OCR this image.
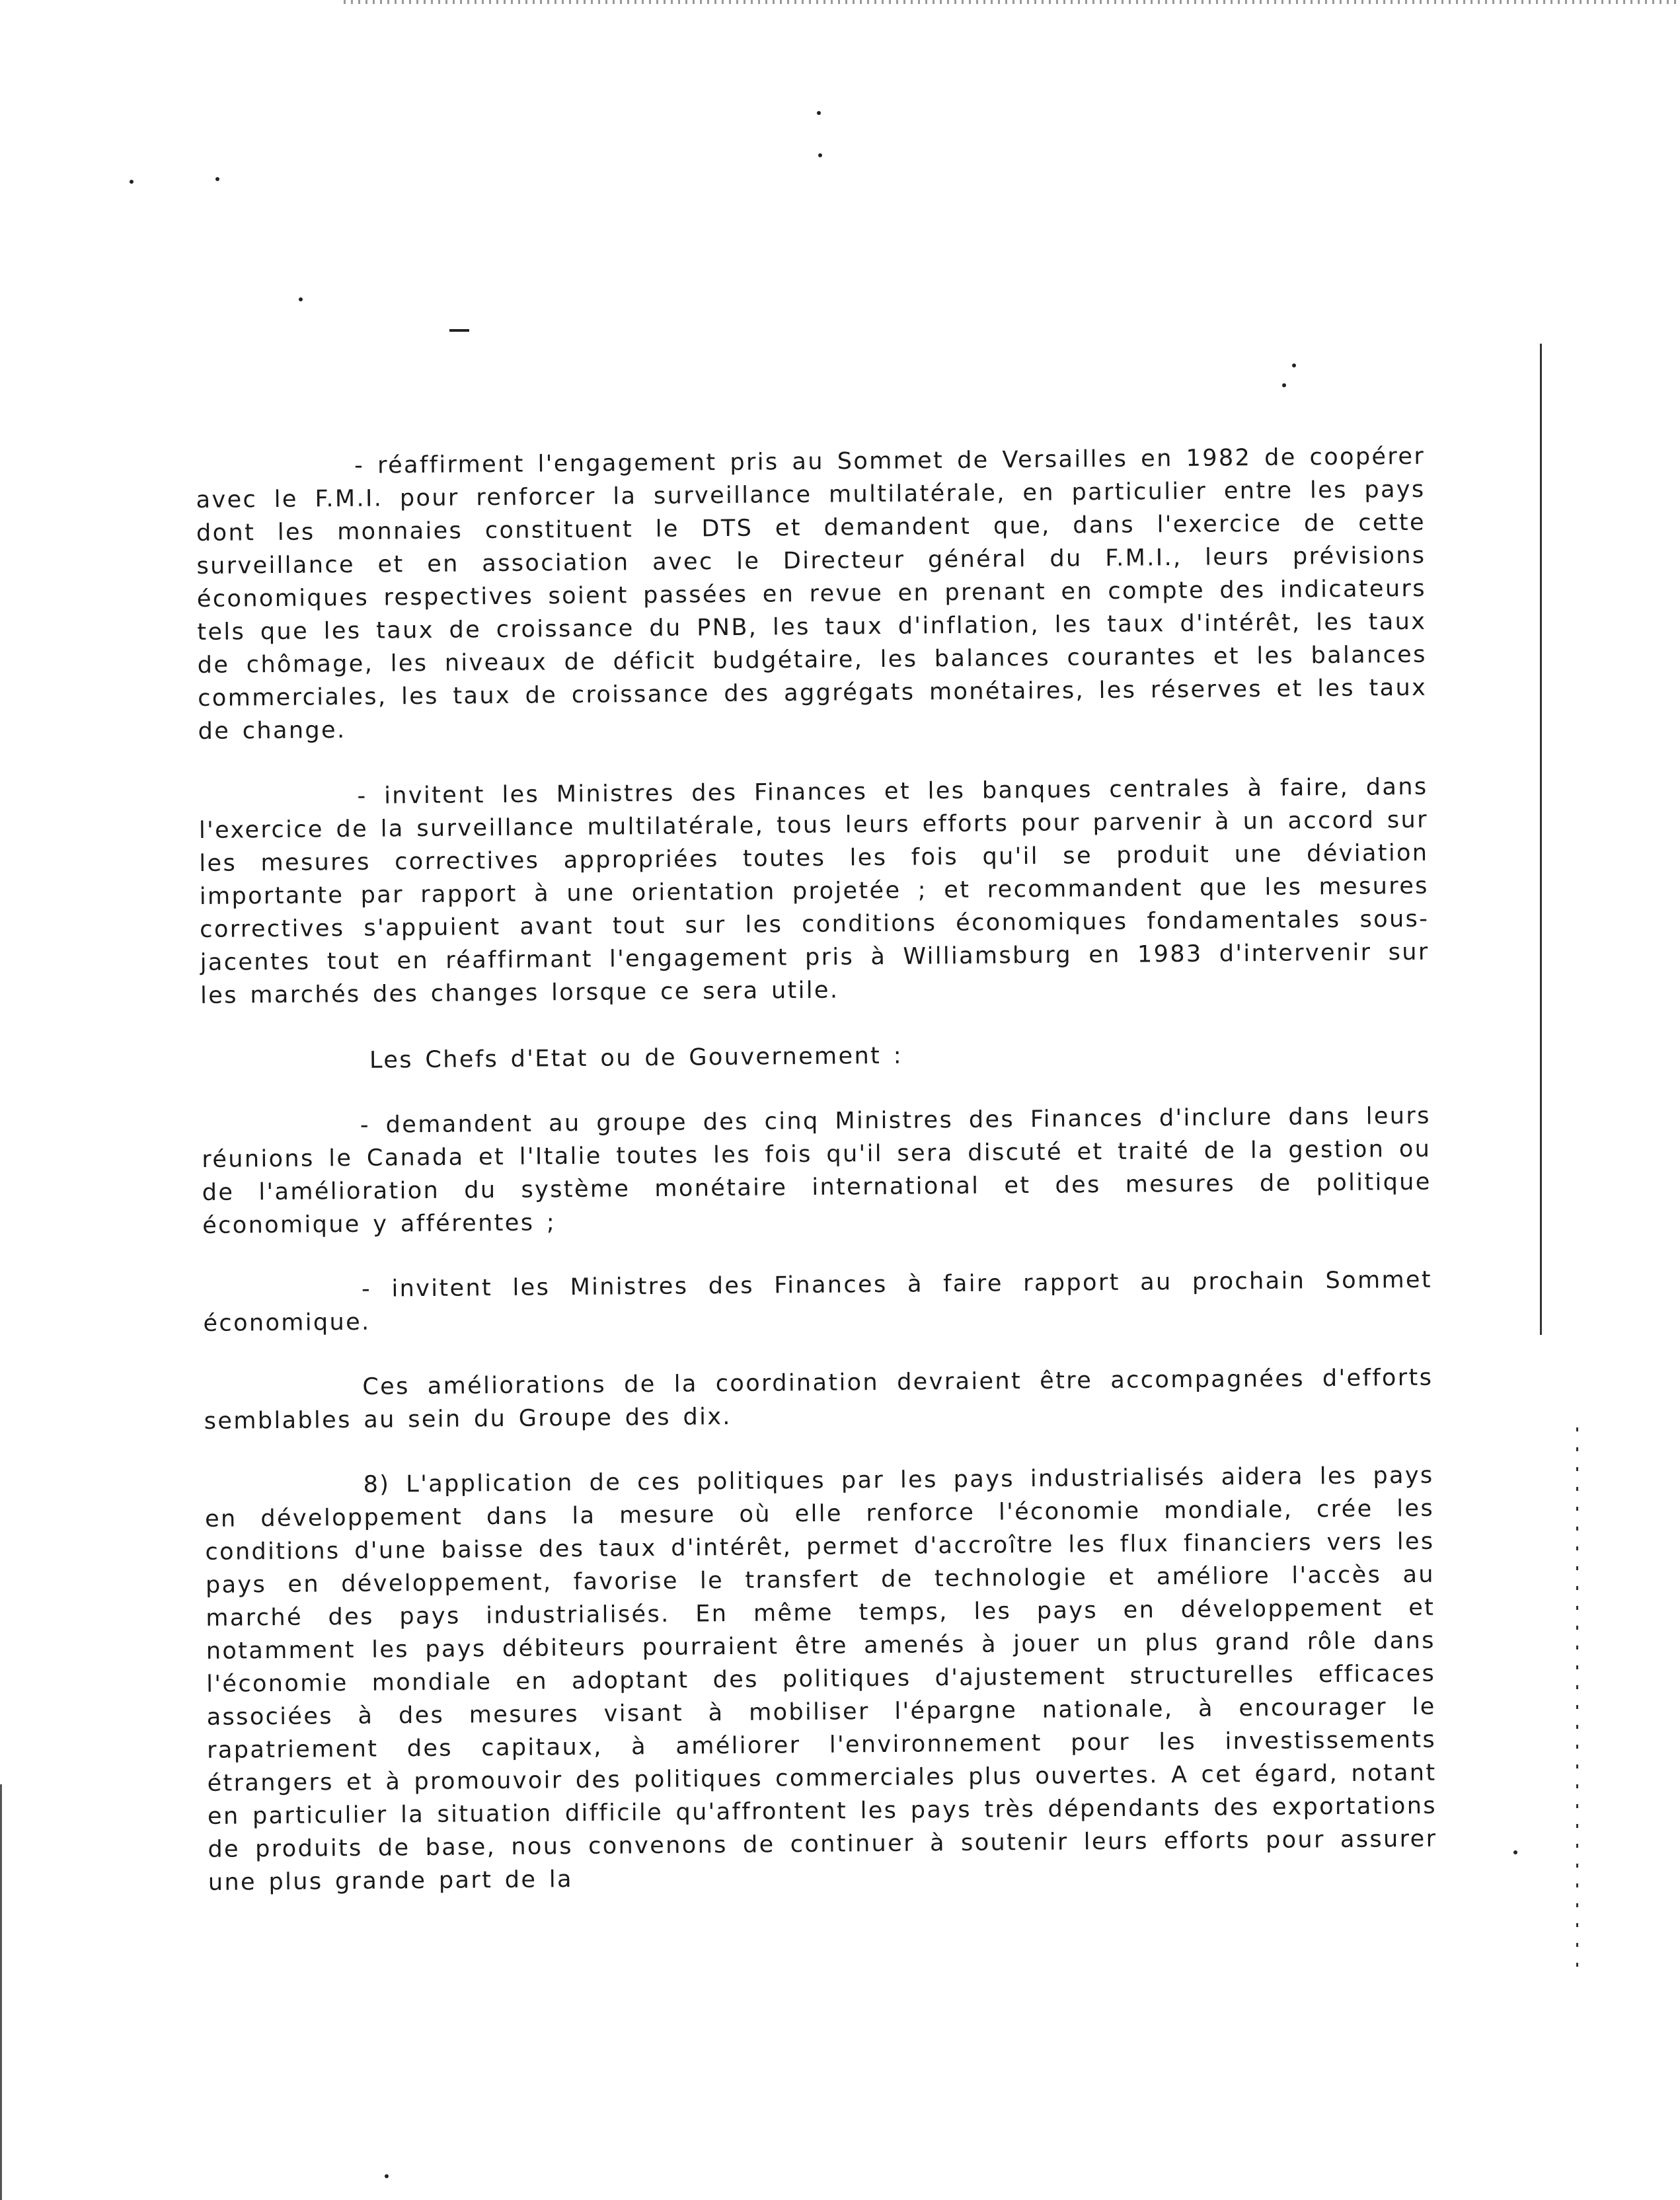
- réaffirment l'engagement pris au Sommet de Versailles en 1982 de coopérer avec le F.M.I. pour renforcer la surveillance multilatérale, en particulier entre les pays dont les monnaies constituent le DTS et demandent que, dans l'exercice de cette surveillance et en association avec le Directeur général du F.M.I., leurs prévisions économiques respectives soient passées en revue en prenant en compte des indicateurs tels que les taux de croissance du PNB, les taux d'inflation, les taux d'intérêt, les taux de chômage, les niveaux de déficit budgétaire, les balances courantes et les balances commerciales, les taux de croissance des aggrégats monétaires, les réserves et les taux de change.

- invitent les Ministres des Finances et les banques centrales à faire, dans l'exercice de la surveillance multilatérale, tous leurs efforts pour parvenir à un accord sur les mesures correctives appropriées toutes les fois qu'il se produit une déviation importante par rapport à une orientation projetée ; et recommandent que les mesures correctives s'appuient avant tout sur les conditions économiques fondamentales sous-jacentes tout en réaffirmant l'engagement pris à Williamsburg en 1983 d'intervenir sur les marchés des changes lorsque ce sera utile.

Les Chefs d'Etat ou de Gouvernement :

- demandent au groupe des cinq Ministres des Finances d'inclure dans leurs réunions le Canada et l'Italie toutes les fois qu'il sera discuté et traité de la gestion ou de l'amélioration du système monétaire international et des mesures de politique économique y afférentes ;

- invitent les Ministres des Finances à faire rapport au prochain Sommet économique.

Ces améliorations de la coordination devraient être accompagnées d'efforts semblables au sein du Groupe des dix.

8) L'application de ces politiques par les pays industrialisés aidera les pays en développement dans la mesure où elle renforce l'économie mondiale, crée les conditions d'une baisse des taux d'intérêt, permet d'accroître les flux financiers vers les pays en développement, favorise le transfert de technologie et améliore l'accès au marché des pays industrialisés. En même temps, les pays en développement et notamment les pays débiteurs pourraient être amenés à jouer un plus grand rôle dans l'économie mondiale en adoptant des politiques d'ajustement structurelles efficaces associées à des mesures visant à mobiliser l'épargne nationale, à encourager le rapatriement des capitaux, à améliorer l'environnement pour les investissements étrangers et à promouvoir des politiques commerciales plus ouvertes. A cet égard, notant en particulier la situation difficile qu'affrontent les pays très dépendants des exportations de produits de base, nous convenons de continuer à soutenir leurs efforts pour assurer une plus grande part de la
